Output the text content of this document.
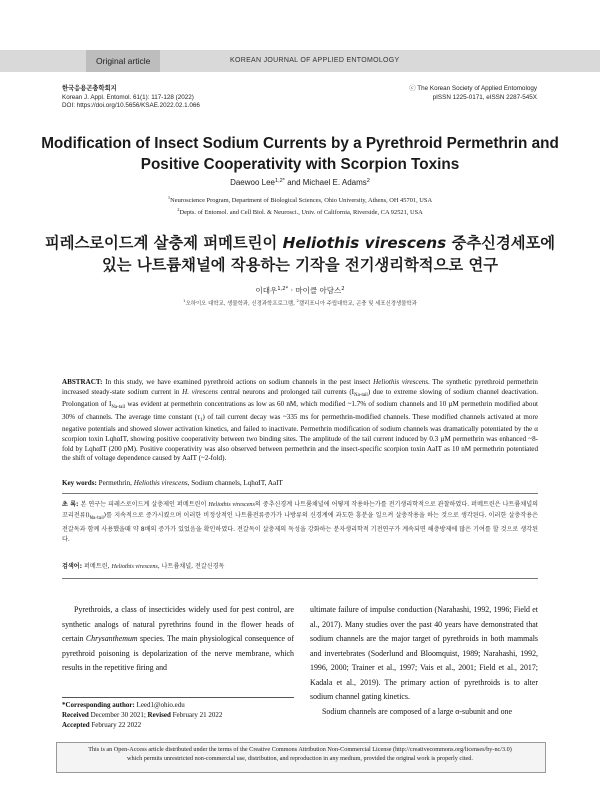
Original article	KOREAN JOURNAL OF APPLIED ENTOMOLOGY
한국응용곤충학회지
Korean J. Appl. Entomol. 61(1): 117-128 (2022)
DOI: https://doi.org/10.5656/KSAE.2022.02.1.066
ⓒ The Korean Society of Applied Entomology
pISSN 1225-0171, eISSN 2287-545X
Modification of Insect Sodium Currents by a Pyrethroid Permethrin and Positive Cooperativity with Scorpion Toxins
Daewoo Lee$^{1,2*}$ and Michael E. Adams$^2$
$^1$Neuroscience Program, Department of Biological Sciences, Ohio University, Athens, OH 45701, USA
$^2$Depts. of Entomol. and Cell Biol. & Neurosci., Univ. of California, Riverside, CA 92521, USA
피레스로이드계 살충제 퍼메트린이 Heliothis virescens 중추신경세포에 있는 나트륨채널에 작용하는 기작을 전기생리학적으로 연구
이대우$^{1,2*}$ · 마이클 아담스$^2$
$^1$오하이오 대학교, 생물학과, 신경과학프로그램, $^2$캘리포니아 주립대학교, 곤충 및 세포신경생물학과
ABSTRACT: In this study, we have examined pyrethroid actions on sodium channels in the pest insect Heliothis virescens. The synthetic pyrethroid permethrin increased steady-state sodium current in H. virescens central neurons and prolonged tail currents $(I_{Na-tail})$ due to extreme slowing of sodium channel deactivation. Prolongation of $I_{Na-tail}$ was evident at permethrin concentrations as low as 60 nM, which modified ~1.7% of sodium channels and 10 µM permethrin modified about 30% of channels. The average time constant $(\tau_1)$ of tail current decay was ~335 ms for permethrin-modified channels. These modified channels activated at more negative potentials and showed slower activation kinetics, and failed to inactivate. Permethrin modification of sodium channels was dramatically potentiated by the α scorpion toxin LqhαIT, showing positive cooperativity between two binding sites. The amplitude of the tail current induced by 0.3 µM permethrin was enhanced ~8-fold by LqhαIT (200 pM). Positive cooperativity was also observed between permethrin and the insect-specific scorpion toxin AaIT as 10 nM permethrin potentiated the shift of voltage dependence caused by AaIT (~2-fold).
Key words: Permethrin, Heliothis virescens, Sodium channels, LqhαIT, AaIT
초 록: 본 연구는 피레스로이드계 살충제인 퍼메트린이 Heliothis virescens의 중추신경계 나트륨채널에 어떻게 작용하는가를 전기생리학적으로 관찰하였다. 퍼메트린은 나트륨채널의 꼬리전류$(I_{Na-tail})$를 지속적으로 증가시켰으며 이러한 비정상적인 나트륨전류증가가 나방류의 신경계에 과도한 흥분을 일으켜 살충작용을 하는 것으로 생각된다. 이러한 살충작용은 전갈독과 함께 사용했을때 약 8배의 증가가 있었음을 확인하였다. 전갈독이 살충제의 독성을 강화하는 분자생리학적 기전연구가 계속되면 해충방제에 많은 기여를 할 것으로 생각된다.
검색어: 퍼메트린, Heliothis virescens, 나트륨채널, 전갈신경독
Pyrethroids, a class of insecticides widely used for pest control, are synthetic analogs of natural pyrethrins found in the flower heads of certain Chrysanthemum species. The main physiological consequence of pyrethroid poisoning is depolarization of the nerve membrane, which results in the repetitive firing and
ultimate failure of impulse conduction (Narahashi, 1992, 1996; Field et al., 2017). Many studies over the past 40 years have demonstrated that sodium channels are the major target of pyrethroids in both mammals and invertebrates (Soderlund and Bloomquist, 1989; Narahashi, 1992, 1996, 2000; Trainer et al., 1997; Vais et al., 2001; Field et al., 2017; Kadala et al., 2019). The primary action of pyrethroids is to alter sodium channel gating kinetics.
Sodium channels are composed of a large α-subunit and one
*Corresponding author: Leed1@ohio.edu
Received December 30 2021; Revised February 21 2022
Accepted February 22 2022
This is an Open-Access article distributed under the terms of the Creative Commons Attribution Non-Commercial License (http://creativecommons.org/licenses/by-nc/3.0)
which permits unrestricted non-commercial use, distribution, and reproduction in any medium, provided the original work is properly cited.
